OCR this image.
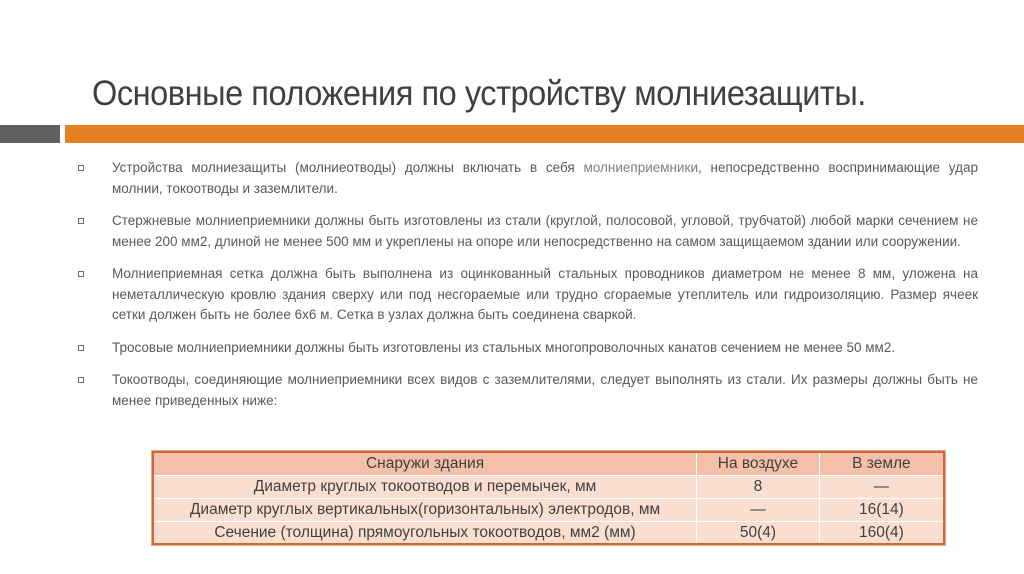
Основные положения по устройству молниезащиты.
Устройства молниезащиты (молниеотводы) должны включать в себя молниеприемники, непосредственно воспринимающие удар молнии, токоотводы и заземлители.
Стержневые молниеприемники должны быть изготовлены из стали (круглой, полосовой, угловой, трубчатой) любой марки сечением не менее 200 мм2, длиной не менее 500 мм и укреплены на опоре или непосредственно на самом защищаемом здании или сооружении.
Молниеприемная сетка должна быть выполнена из оцинкованный стальных проводников диаметром не менее 8 мм, уложена на неметаллическую кровлю здания сверху или под несгораемые или трудно сгораемые утеплитель или гидроизоляцию. Размер ячеек сетки должен быть не более 6х6 м. Сетка в узлах должна быть соединена сваркой.
Тросовые молниеприемники должны быть изготовлены из стальных многопроволочных канатов сечением не менее 50 мм2.
Токоотводы, соединяющие молниеприемники всех видов с заземлителями, следует выполнять из стали. Их размеры должны быть не менее приведенных ниже:
Снаружи здания	На воздухе	В земле
Диаметр круглых токоотводов и перемычек, мм	8	—
Диаметр круглых вертикальных(горизонтальных) электродов, мм	—	16(14)
Сечение (толщина) прямоугольных токоотводов, мм2 (мм)	50(4)	160(4)
